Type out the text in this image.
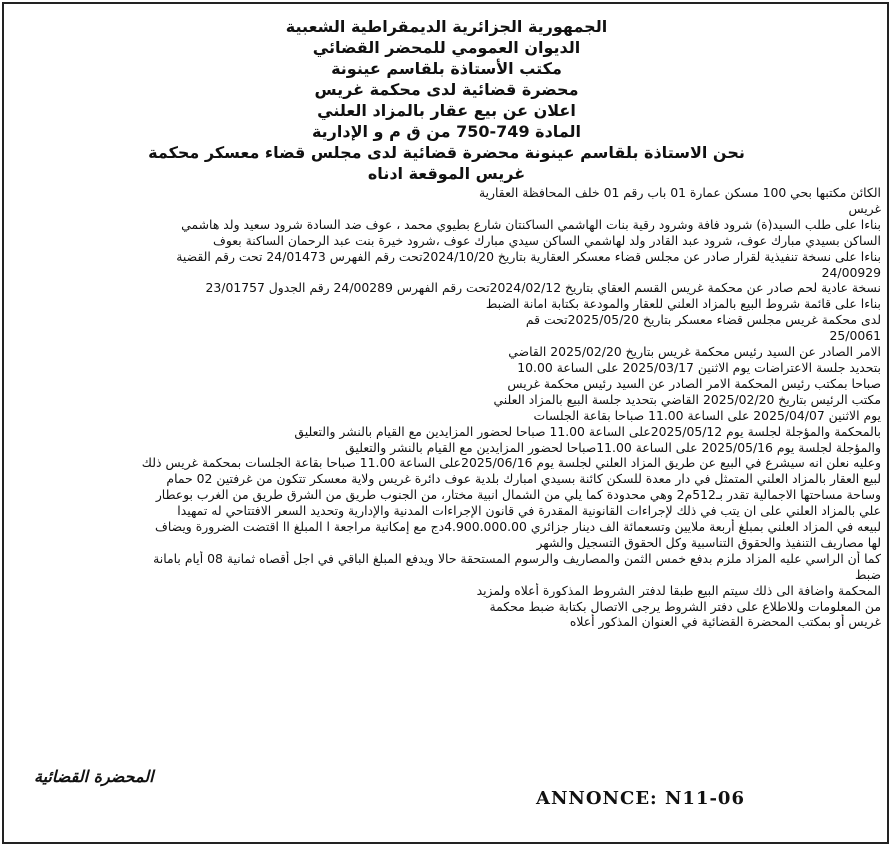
الجمهورية الجزائرية الديمقراطية الشعبية
الديوان العمومي للمحضر القضائي
مكتب الأستاذة بلقاسم عينونة
محضرة قضائية لدى محكمة غريس
اعلان عن بيع عقار بالمزاد العلني
المادة 749-750 من ق م و الإدارية
نحن الاستاذة بلقاسم عينونة محضرة قضائية لدى مجلس قضاء معسكر محكمة
غريس الموقعة ادناه

الكائن مكتبها بحي 100 مسكن عمارة 01 باب رقم 01 خلف المحافظة العقارية

غريس

بناءا على طلب السيد(ة) شرود فافة وشرود رقية بنات الهاشمي الساكنتان شارع بطيوي محمد ، عوف ضد السادة شرود سعيد ولد هاشمي

الساكن بسيدي مبارك عوف، شرود عبد القادر ولد لهاشمي الساكن سيدي مبارك عوف ،شرود خيرة بنت عبد الرحمان الساكنة بعوف

بناءا على نسخة تنفيذية لقرار صادر عن مجلس قضاء معسكر العقارية بتاريخ 2024/10/20تحت رقم الفهرس 24/01473 تحت رقم القضية

24/00929

نسخة عادية لحم صادر عن محكمة غريس القسم العقاي بتاريخ 2024/02/12تحت رقم الفهرس 24/00289 رقم الجدول 23/01757

بناءا على قائمة شروط البيع بالمزاد العلني للعقار والمودعة بكتابة امانة الضبط

لدى محكمة غريس مجلس قضاء معسكر بتاريخ 2025/05/20تحت قم

25/0061

الامر الصادر عن السيد رئيس محكمة غريس بتاريخ 2025/02/20 القاضي

بتحديد جلسة الاعتراضات يوم الاثنين 2025/03/17 على الساعة 10.00

صباحا بمكتب رئيس المحكمة الامر الصادر عن السيد رئيس محكمة غريس

مكتب الرئيس بتاريخ 2025/02/20 القاضي بتحديد جلسة البيع بالمزاد العلني

يوم الاثنين 2025/04/07 على الساعة 11.00 صباحا بقاعة الجلسات

بالمحكمة والمؤجلة لجلسة يوم 2025/05/12على الساعة 11.00 صباحا لحضور المزايدين مع القيام بالنشر والتعليق

والمؤجلة لجلسة يوم 2025/05/16 على الساعة 11.00صباحا لحضور المزايدين مع القيام بالنشر والتعليق

وعليه نعلن انه سيشرع في البيع عن طريق المزاد العلني لجلسة يوم 2025/06/16على الساعة 11.00 صباحا بقاعة الجلسات بمحكمة غريس ذلك

لبيع العقار بالمزاد العلني المتمثل في دار معدة للسكن كائنة بسيدي امبارك بلدية عوف دائرة غريس ولاية معسكر تتكون من غرفتين 02 حمام

وساحة مساحتها الاجمالية تقدر بـ512م2 وهي محدودة كما يلي من الشمال انبية مختار، من الجنوب طريق من الشرق طريق من الغرب بوعطار

علي بالمزاد العلني على ان يتب في ذلك لإجراءات القانونية المقدرة في قانون الإجراءات المدنية والإدارية وتحديد السعر الافتتاحي له تمهيدا

لبيعه في المزاد العلني بمبلغ أربعة ملايين وتسعمائة الف دينار جزائري 4.900.000.00دج مع إمكانية مراجعة ا المبلغ اا اقتضت الضرورة ويضاف

لها مصاريف التنفيذ والحقوق التناسبية وكل الحقوق التسجيل والشهر

كما أن الراسي عليه المزاد ملزم بدفع خمس الثمن والمصاريف والرسوم المستحقة حالا ويدفع المبلغ الباقي في اجل أقصاه ثمانية 08 أيام بامانة

ضبط

المحكمة واضافة الى ذلك سيتم البيع طبقا لدفتر الشروط المذكورة أعلاه ولمزيد

من المعلومات وللاطلاع على دفتر الشروط يرجى الاتصال بكتابة ضبط محكمة

غريس أو بمكتب المحضرة القضائية في العنوان المذكور أعلاه

المحضرة القضائية
ANNONCE: N11-06
